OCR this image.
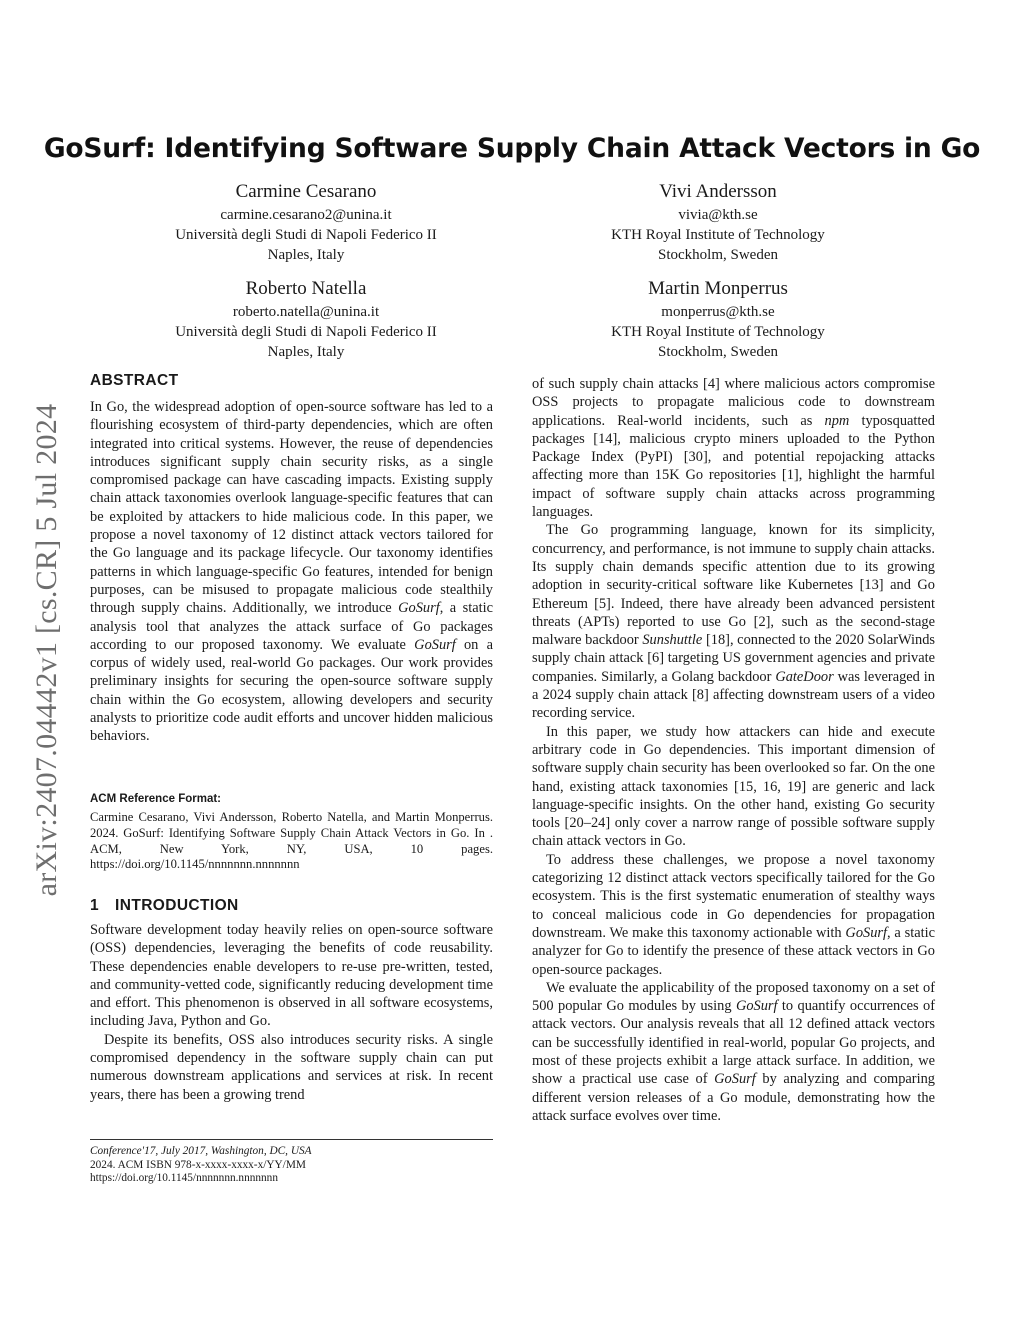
GoSurf: Identifying Software Supply Chain Attack Vectors in Go
Carmine Cesarano
carmine.cesarano2@unina.it
Università degli Studi di Napoli Federico II
Naples, Italy
Vivi Andersson
vivia@kth.se
KTH Royal Institute of Technology
Stockholm, Sweden
Roberto Natella
roberto.natella@unina.it
Università degli Studi di Napoli Federico II
Naples, Italy
Martin Monperrus
monperrus@kth.se
KTH Royal Institute of Technology
Stockholm, Sweden
arXiv:2407.04442v1 [cs.CR] 5 Jul 2024
ABSTRACT

In Go, the widespread adoption of open-source software has led to a flourishing ecosystem of third-party dependencies, which are often integrated into critical systems. However, the reuse of dependencies introduces significant supply chain security risks, as a single compromised package can have cascading impacts. Existing supply chain attack taxonomies overlook language-specific features that can be exploited by attackers to hide malicious code. In this paper, we propose a novel taxonomy of 12 distinct attack vectors tailored for the Go language and its package lifecycle. Our taxonomy identifies patterns in which language-specific Go features, intended for benign purposes, can be misused to propagate malicious code stealthily through supply chains. Additionally, we introduce GoSurf, a static analysis tool that analyzes the attack surface of Go packages according to our proposed taxonomy. We evaluate GoSurf on a corpus of widely used, real-world Go packages. Our work provides preliminary insights for securing the open-source software supply chain within the Go ecosystem, allowing developers and security analysts to prioritize code audit efforts and uncover hidden malicious behaviors.

ACM Reference Format:
Carmine Cesarano, Vivi Andersson, Roberto Natella, and Martin Monperrus. 2024. GoSurf: Identifying Software Supply Chain Attack Vectors in Go. In . ACM, New York, NY, USA, 10 pages. https://doi.org/10.1145/nnnnnnn.nnnnnnn
1 INTRODUCTION

Software development today heavily relies on open-source software (OSS) dependencies, leveraging the benefits of code reusability. These dependencies enable developers to re-use pre-written, tested, and community-vetted code, significantly reducing development time and effort. This phenomenon is observed in all software ecosystems, including Java, Python and Go.

Despite its benefits, OSS also introduces security risks. A single compromised dependency in the software supply chain can put numerous downstream applications and services at risk. In recent years, there has been a growing trend

Conference'17, July 2017, Washington, DC, USA
2024. ACM ISBN 978-x-xxxx-xxxx-x/YY/MM
https://doi.org/10.1145/nnnnnnn.nnnnnnn

of such supply chain attacks [4] where malicious actors compromise OSS projects to propagate malicious code to downstream applications. Real-world incidents, such as npm typosquatted packages [14], malicious crypto miners uploaded to the Python Package Index (PyPI) [30], and potential repojacking attacks affecting more than 15K Go repositories [1], highlight the harmful impact of software supply chain attacks across programming languages.

The Go programming language, known for its simplicity, concurrency, and performance, is not immune to supply chain attacks. Its supply chain demands specific attention due to its growing adoption in security-critical software like Kubernetes [13] and Go Ethereum [5]. Indeed, there have already been advanced persistent threats (APTs) reported to use Go [2], such as the second-stage malware backdoor Sunshuttle [18], connected to the 2020 SolarWinds supply chain attack [6] targeting US government agencies and private companies. Similarly, a Golang backdoor GateDoor was leveraged in a 2024 supply chain attack [8] affecting downstream users of a video recording service.

In this paper, we study how attackers can hide and execute arbitrary code in Go dependencies. This important dimension of software supply chain security has been overlooked so far. On the one hand, existing attack taxonomies [15, 16, 19] are generic and lack language-specific insights. On the other hand, existing Go security tools [20–24] only cover a narrow range of possible software supply chain attack vectors in Go.

To address these challenges, we propose a novel taxonomy categorizing 12 distinct attack vectors specifically tailored for the Go ecosystem. This is the first systematic enumeration of stealthy ways to conceal malicious code in Go dependencies for propagation downstream. We make this taxonomy actionable with GoSurf, a static analyzer for Go to identify the presence of these attack vectors in Go open-source packages.

We evaluate the applicability of the proposed taxonomy on a set of 500 popular Go modules by using GoSurf to quantify occurrences of attack vectors. Our analysis reveals that all 12 defined attack vectors can be successfully identified in real-world, popular Go projects, and most of these projects exhibit a large attack surface. In addition, we show a practical use case of GoSurf by analyzing and comparing different version releases of a Go module, demonstrating how the attack surface evolves over time.
